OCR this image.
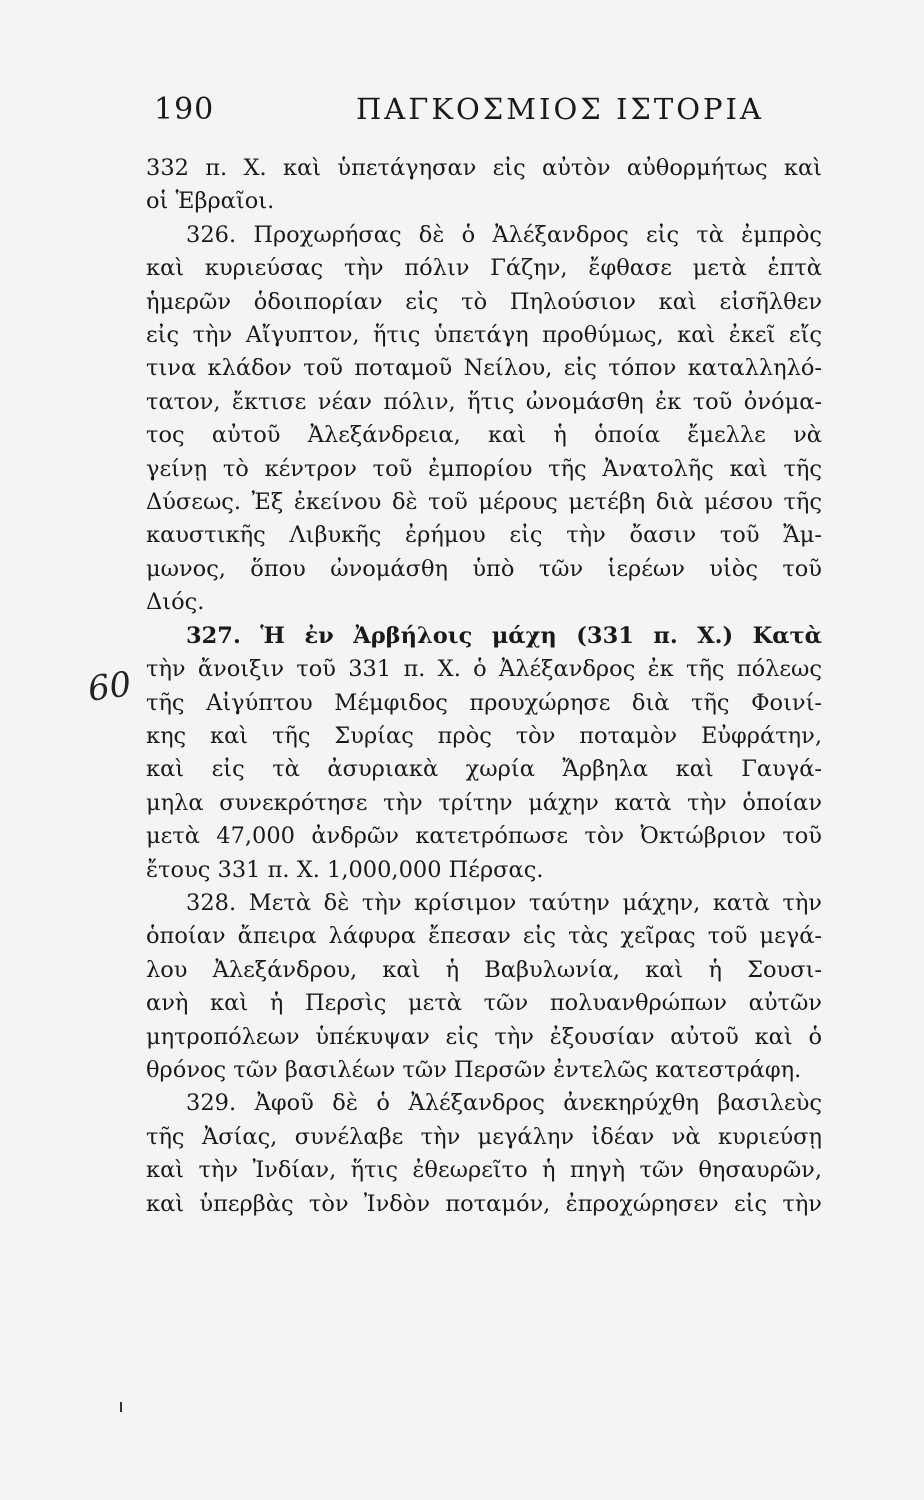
190	ΠΑΓΚΟΣΜΙΟΣ ΙΣΤΟΡΙΑ
60

332 π. Χ. καὶ ὑπετάγησαν εἰς αὐτὸν αὐθορμήτως καὶ
οἱ Ἑβραῖοι.

326. Προχωρήσας δὲ ὁ Ἀλέξανδρος εἰς τὰ ἐμπρὸς
καὶ κυριεύσας τὴν πόλιν Γάζην, ἔφθασε μετὰ ἑπτὰ
ἡμερῶν ὁδοιπορίαν εἰς τὸ Πηλούσιον καὶ εἰσῆλθεν
εἰς τὴν Αἴγυπτον, ἥτις ὑπετάγη προθύμως, καὶ ἐκεῖ εἴς
τινα κλάδον τοῦ ποταμοῦ Νείλου, εἰς τόπον καταλληλό-
τατον, ἔκτισε νέαν πόλιν, ἥτις ὠνομάσθη ἐκ τοῦ ὀνόμα-
τος αὐτοῦ Ἀλεξάνδρεια, καὶ ἡ ὁποία ἔμελλε νὰ
γείνῃ τὸ κέντρον τοῦ ἐμπορίου τῆς Ἀνατολῆς καὶ τῆς
Δύσεως. Ἐξ ἐκείνου δὲ τοῦ μέρους μετέβη διὰ μέσου τῆς
καυστικῆς Λιβυκῆς ἐρήμου εἰς τὴν ὄασιν τοῦ Ἄμ-
μωνος, ὅπου ὠνομάσθη ὑπὸ τῶν ἱερέων υἱὸς τοῦ
Διός.

327. Ἡ ἐν Ἀρβήλοις μάχη (331 π. Χ.) Κατὰ
τὴν ἄνοιξιν τοῦ 331 π. Χ. ὁ Ἀλέξανδρος ἐκ τῆς πόλεως
τῆς Αἰγύπτου Μέμφιδος προυχώρησε διὰ τῆς Φοινί-
κης καὶ τῆς Συρίας πρὸς τὸν ποταμὸν Εὐφράτην,
καὶ εἰς τὰ ἀσυριακὰ χωρία Ἄρβηλα καὶ Γαυγά-
μηλα συνεκρότησε τὴν τρίτην μάχην κατὰ τὴν ὁποίαν
μετὰ 47,000 ἀνδρῶν κατετρόπωσε τὸν Ὀκτώβριον τοῦ
ἔτους 331 π. Χ. 1,000,000 Πέρσας.

328. Μετὰ δὲ τὴν κρίσιμον ταύτην μάχην, κατὰ τὴν
ὁποίαν ἄπειρα λάφυρα ἔπεσαν εἰς τὰς χεῖρας τοῦ μεγά-
λου Ἀλεξάνδρου, καὶ ἡ Βαβυλωνία, καὶ ἡ Σουσι-
ανὴ καὶ ἡ Περσὶς μετὰ τῶν πολυανθρώπων αὐτῶν
μητροπόλεων ὑπέκυψαν εἰς τὴν ἐξουσίαν αὐτοῦ καὶ ὁ
θρόνος τῶν βασιλέων τῶν Περσῶν ἐντελῶς κατεστράφη.

329. Ἀφοῦ δὲ ὁ Ἀλέξανδρος ἀνεκηρύχθη βασιλεὺς
τῆς Ἀσίας, συνέλαβε τὴν μεγάλην ἰδέαν νὰ κυριεύσῃ
καὶ τὴν Ἰνδίαν, ἥτις ἐθεωρεῖτο ἡ πηγὴ τῶν θησαυρῶν,
καὶ ὑπερβὰς τὸν Ἰνδὸν ποταμόν, ἐπροχώρησεν εἰς τὴν
